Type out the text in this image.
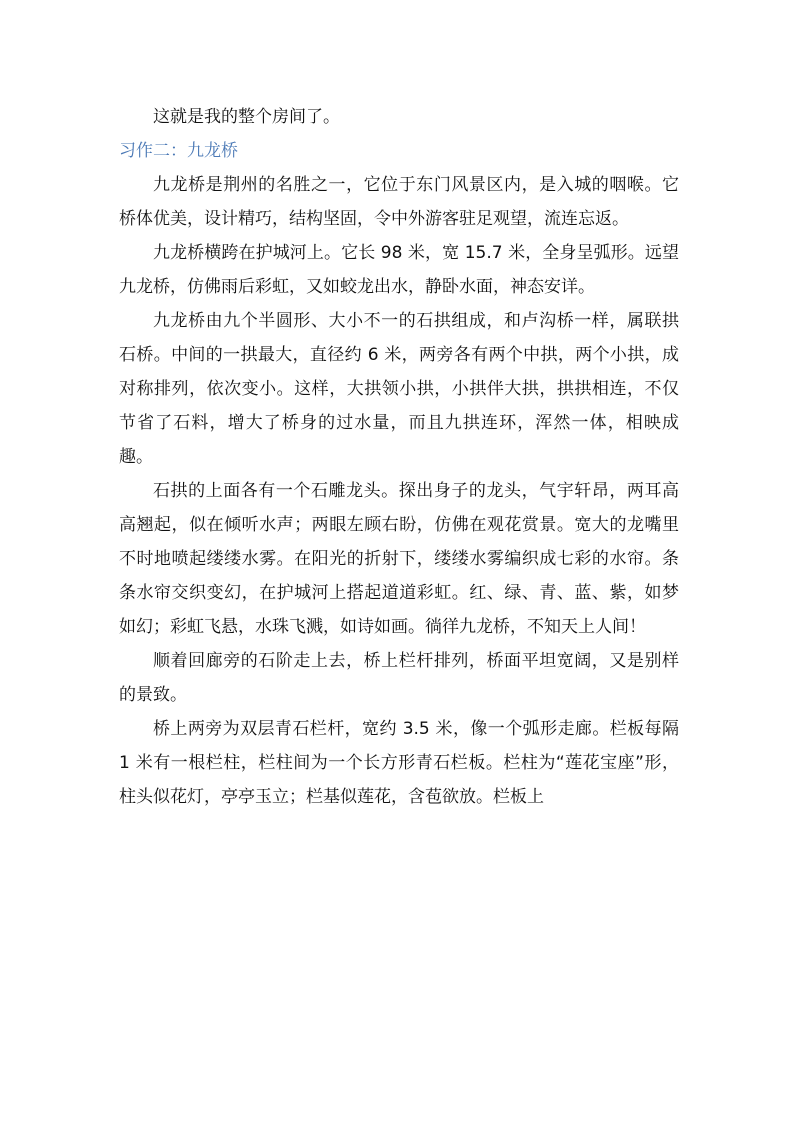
这就是我的整个房间了。

习作二：九龙桥

九龙桥是荆州的名胜之一，它位于东门风景区内，是入城的咽喉。它桥体优美，设计精巧，结构坚固，令中外游客驻足观望，流连忘返。

九龙桥横跨在护城河上。它长 98 米，宽 15.7 米，全身呈弧形。远望九龙桥，仿佛雨后彩虹，又如蛟龙出水，静卧水面，神态安详。

九龙桥由九个半圆形、大小不一的石拱组成，和卢沟桥一样，属联拱石桥。中间的一拱最大，直径约 6 米，两旁各有两个中拱，两个小拱，成对称排列，依次变小。这样，大拱领小拱，小拱伴大拱，拱拱相连，不仅节省了石料，增大了桥身的过水量，而且九拱连环，浑然一体，相映成趣。

石拱的上面各有一个石雕龙头。探出身子的龙头，气宇轩昂，两耳高高翘起，似在倾听水声；两眼左顾右盼，仿佛在观花赏景。宽大的龙嘴里不时地喷起缕缕水雾。在阳光的折射下，缕缕水雾编织成七彩的水帘。条条水帘交织变幻，在护城河上搭起道道彩虹。红、绿、青、蓝、紫，如梦如幻；彩虹飞悬，水珠飞溅，如诗如画。徜徉九龙桥，不知天上人间！

顺着回廊旁的石阶走上去，桥上栏杆排列，桥面平坦宽阔，又是别样的景致。

桥上两旁为双层青石栏杆，宽约 3.5 米，像一个弧形走廊。栏板每隔 1 米有一根栏柱，栏柱间为一个长方形青石栏板。栏柱为“莲花宝座”形，柱头似花灯，亭亭玉立；栏基似莲花，含苞欲放。栏板上
